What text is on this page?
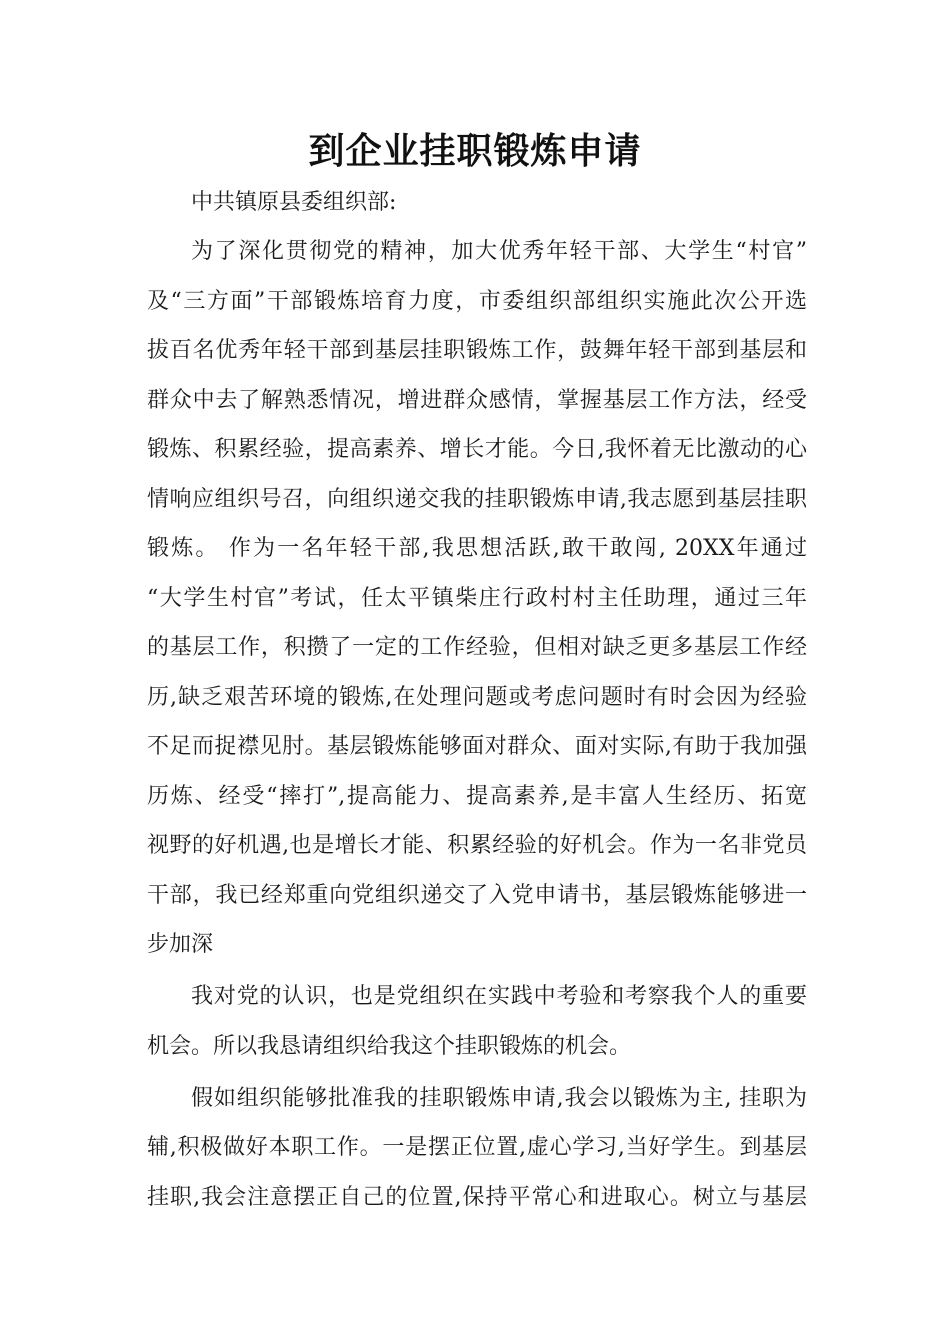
到企业挂职锻炼申请
中共镇原县委组织部:
为了深化贯彻党的精神，加大优秀年轻干部、大学生“村官”
及“三方面”干部锻炼培育力度，市委组织部组织实施此次公开选
拔百名优秀年轻干部到基层挂职锻炼工作，鼓舞年轻干部到基层和
群众中去了解熟悉情况，增进群众感情，掌握基层工作方法，经受
锻炼、积累经验，提高素养、增长才能。今日,我怀着无比激动的心
情响应组织号召，向组织递交我的挂职锻炼申请,我志愿到基层挂职
锻炼。 作为一名年轻干部,我思想活跃,敢干敢闯, 20XX年通过
“大学生村官”考试，任太平镇柴庄行政村村主任助理，通过三年
的基层工作，积攒了一定的工作经验，但相对缺乏更多基层工作经
历,缺乏艰苦环境的锻炼,在处理问题或考虑问题时有时会因为经验
不足而捉襟见肘。基层锻炼能够面对群众、面对实际,有助于我加强
历炼、经受“摔打”,提高能力、提高素养,是丰富人生经历、拓宽
视野的好机遇,也是增长才能、积累经验的好机会。作为一名非党员
干部，我已经郑重向党组织递交了入党申请书，基层锻炼能够进一
步加深
我对党的认识，也是党组织在实践中考验和考察我个人的重要
机会。所以我恳请组织给我这个挂职锻炼的机会。
假如组织能够批准我的挂职锻炼申请,我会以锻炼为主, 挂职为
辅,积极做好本职工作。一是摆正位置,虚心学习,当好学生。到基层
挂职,我会注意摆正自己的位置,保持平常心和进取心。树立与基层
